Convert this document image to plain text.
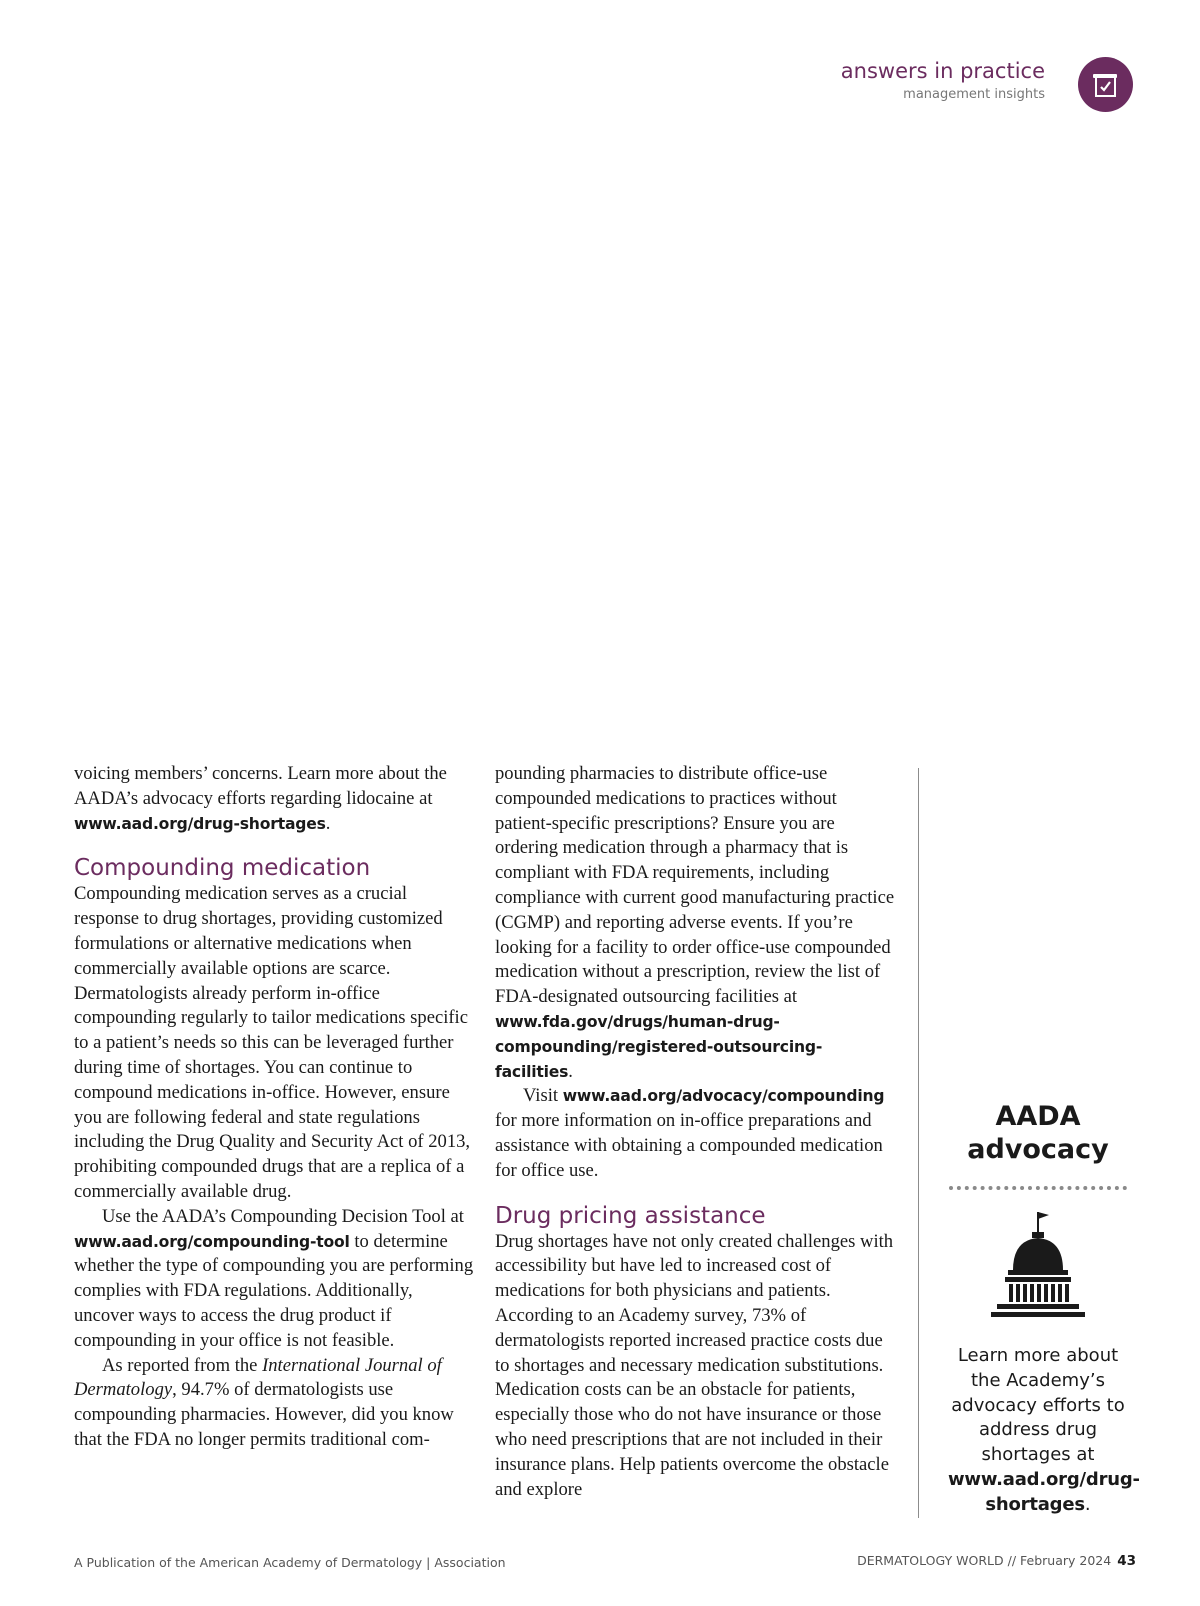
answers in practice
management insights

voicing members’ concerns. Learn more about the AADA’s advocacy efforts regarding lidocaine at www.aad.org/drug-shortages.

Compounding medication

Compounding medication serves as a crucial response to drug shortages, providing customized formulations or alternative medications when commercially available options are scarce. Dermatologists already perform in-office compounding regularly to tailor medications specific to a patient’s needs so this can be leveraged further during time of shortages. You can continue to compound medications in-office. However, ensure you are following federal and state regulations including the Drug Quality and Security Act of 2013, prohibiting compounded drugs that are a replica of a commercially available drug.

Use the AADA’s Compounding Decision Tool at www.aad.org/compounding-tool to determine whether the type of compounding you are performing complies with FDA regulations. Additionally, uncover ways to access the drug product if compounding in your office is not feasible.

As reported from the International Journal of Dermatology, 94.7% of dermatologists use compounding pharmacies. However, did you know that the FDA no longer permits traditional com-

pounding pharmacies to distribute office-use compounded medications to practices without patient-specific prescriptions? Ensure you are ordering medication through a pharmacy that is compliant with FDA requirements, including compliance with current good manufacturing practice (CGMP) and reporting adverse events. If you’re looking for a facility to order office-use compounded medication without a prescription, review the list of FDA-designated outsourcing facilities at www.fda.gov/drugs/human-drug-compounding/registered-outsourcing-facilities.

Visit www.aad.org/advocacy/compounding for more information on in-office preparations and assistance with obtaining a compounded medication for office use.

Drug pricing assistance

Drug shortages have not only created challenges with accessibility but have led to increased cost of medications for both physicians and patients. According to an Academy survey, 73% of dermatologists reported increased practice costs due to shortages and necessary medication substitutions. Medication costs can be an obstacle for patients, especially those who do not have insurance or those who need prescriptions that are not included in their insurance plans. Help patients overcome the obstacle and explore

AADA
advocacy
Learn more about the Academy’s advocacy efforts to address drug shortages at www.aad.org/drug-shortages.
A Publication of the American Academy of Dermatology | Association	DERMATOLOGY WORLD // February 2024 43
